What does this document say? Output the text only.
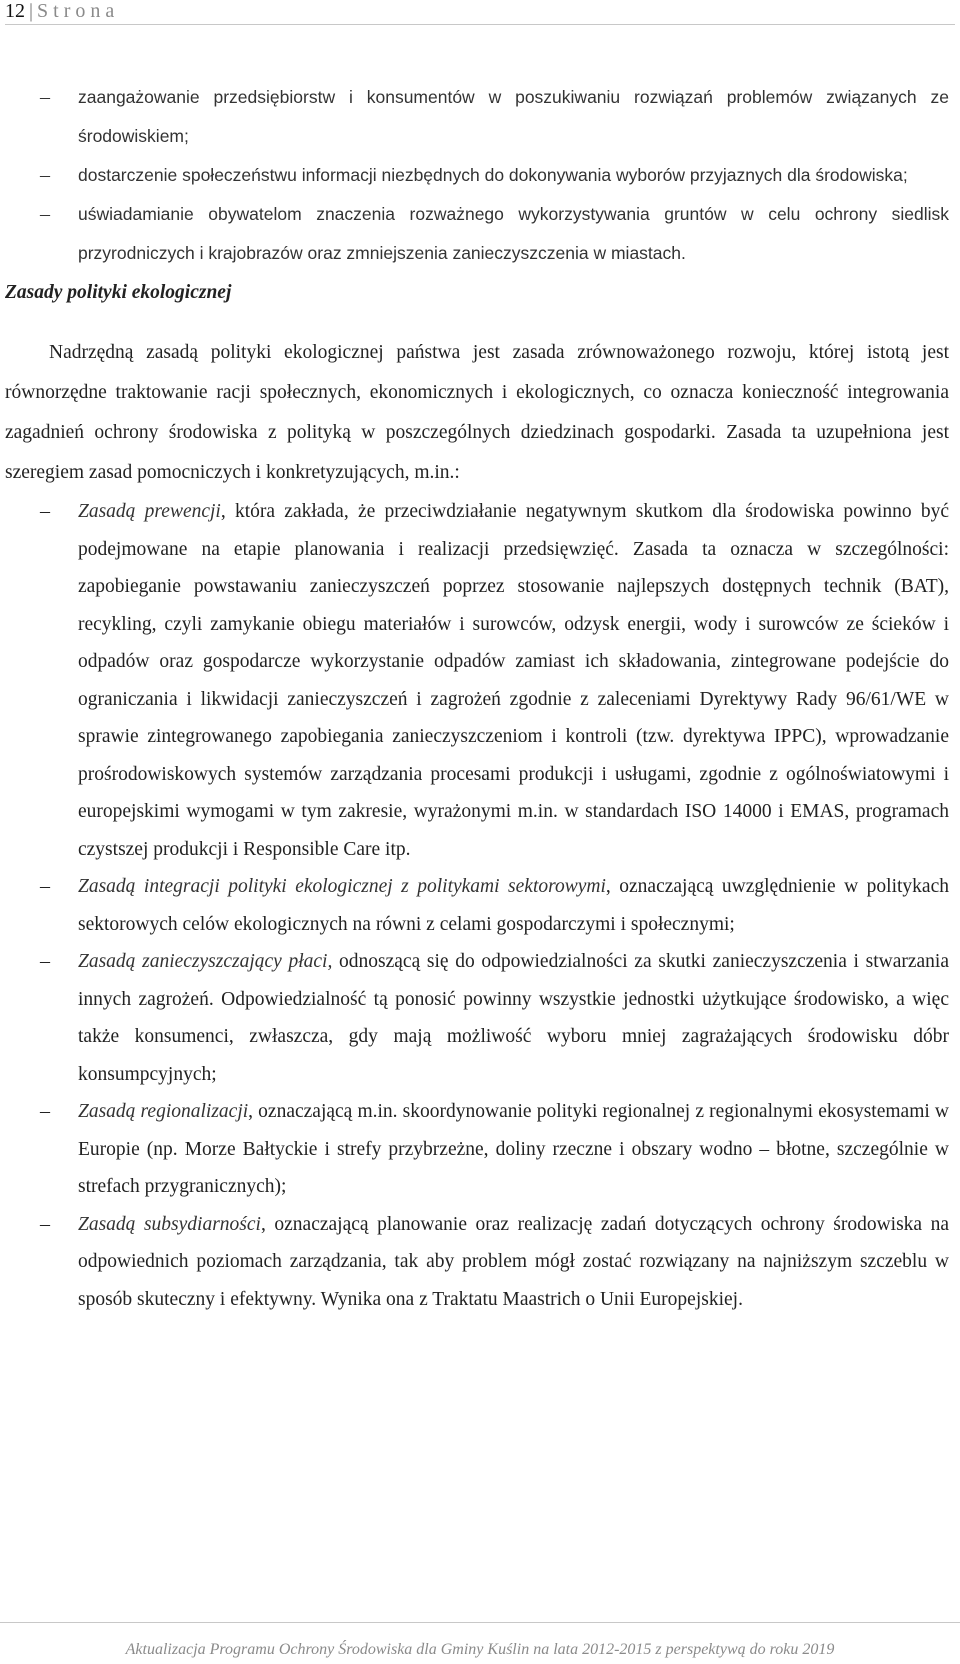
12 | Strona
– zaangażowanie przedsiębiorstw i konsumentów w poszukiwaniu rozwiązań problemów związanych ze środowiskiem;
– dostarczenie społeczeństwu informacji niezbędnych do dokonywania wyborów przyjaznych dla środowiska;
– uświadamianie obywatelom znaczenia rozważnego wykorzystywania gruntów w celu ochrony siedlisk przyrodniczych i krajobrazów oraz zmniejszenia zanieczyszczenia w miastach.
Zasady polityki ekologicznej

Nadrzędną zasadą polityki ekologicznej państwa jest zasada zrównoważonego rozwoju, której istotą jest równorzędne traktowanie racji społecznych, ekonomicznych i ekologicznych, co oznacza konieczność integrowania zagadnień ochrony środowiska z polityką w poszczególnych dziedzinach gospodarki. Zasada ta uzupełniona jest szeregiem zasad pomocniczych i konkretyzujących, m.in.:

– Zasadą prewencji, która zakłada, że przeciwdziałanie negatywnym skutkom dla środowiska powinno być podejmowane na etapie planowania i realizacji przedsięwzięć. Zasada ta oznacza w szczególności: zapobieganie powstawaniu zanieczyszczeń poprzez stosowanie najlepszych dostępnych technik (BAT), recykling, czyli zamykanie obiegu materiałów i surowców, odzysk energii, wody i surowców ze ścieków i odpadów oraz gospodarcze wykorzystanie odpadów zamiast ich składowania, zintegrowane podejście do ograniczania i likwidacji zanieczyszczeń i zagrożeń zgodnie z zaleceniami Dyrektywy Rady 96/61/WE w sprawie zintegrowanego zapobiegania zanieczyszczeniom i kontroli (tzw. dyrektywa IPPC), wprowadzanie prośrodowiskowych systemów zarządzania procesami produkcji i usługami, zgodnie z ogólnoświatowymi i europejskimi wymogami w tym zakresie, wyrażonymi m.in. w standardach ISO 14000 i EMAS, programach czystszej produkcji i Responsible Care itp.
– Zasadą integracji polityki ekologicznej z politykami sektorowymi, oznaczającą uwzględnienie w politykach sektorowych celów ekologicznych na równi z celami gospodarczymi i społecznymi;
– Zasadą zanieczyszczający płaci, odnoszącą się do odpowiedzialności za skutki zanieczyszczenia i stwarzania innych zagrożeń. Odpowiedzialność tą ponosić powinny wszystkie jednostki użytkujące środowisko, a więc także konsumenci, zwłaszcza, gdy mają możliwość wyboru mniej zagrażających środowisku dóbr konsumpcyjnych;
– Zasadą regionalizacji, oznaczającą m.in. skoordynowanie polityki regionalnej z regionalnymi ekosystemami w Europie (np. Morze Bałtyckie i strefy przybrzeżne, doliny rzeczne i obszary wodno – błotne, szczególnie w strefach przygranicznych);
– Zasadą subsydiarności, oznaczającą planowanie oraz realizację zadań dotyczących ochrony środowiska na odpowiednich poziomach zarządzania, tak aby problem mógł zostać rozwiązany na najniższym szczeblu w sposób skuteczny i efektywny. Wynika ona z Traktatu Maastrich o Unii Europejskiej.
Aktualizacja Programu Ochrony Środowiska dla Gminy Kuślin na lata 2012-2015 z perspektywą do roku 2019
